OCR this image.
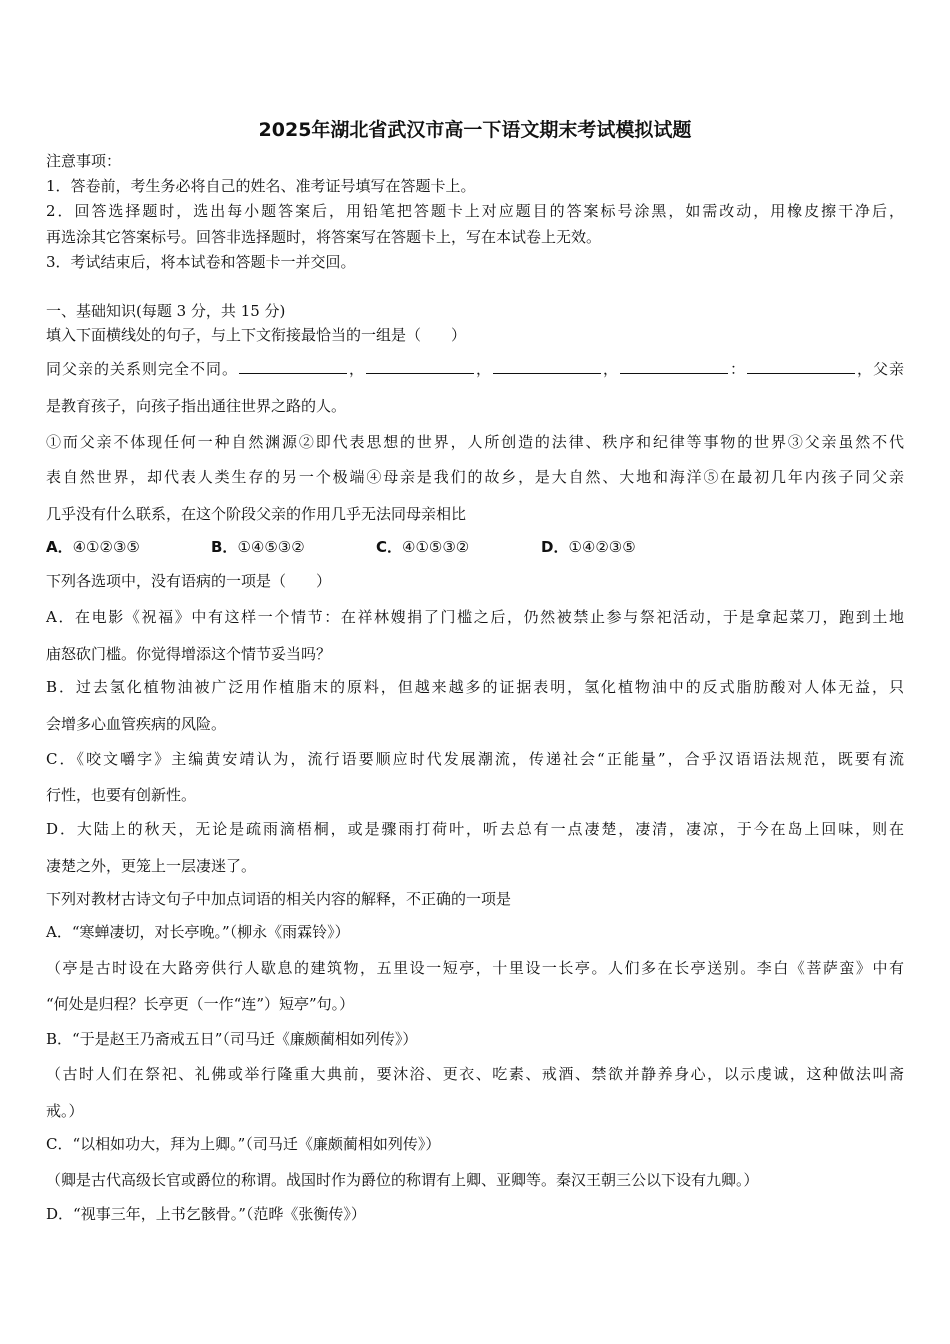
2025年湖北省武汉市高一下语文期末考试模拟试题
注意事项：
1．答卷前，考生务必将自己的姓名、准考证号填写在答题卡上。
2．回答选择题时，选出每小题答案后，用铅笔把答题卡上对应题目的答案标号涂黑，如需改动，用橡皮擦干净后，
再选涂其它答案标号。回答非选择题时，将答案写在答题卡上，写在本试卷上无效。
3．考试结束后，将本试卷和答题卡一并交回。
一、基础知识(每题 3 分，共 15 分)
填入下面横线处的句子，与上下文衔接最恰当的一组是（　　）
同父亲的关系则完全不同。	，	，	，	：	，父亲
是教育孩子，向孩子指出通往世界之路的人。
①而父亲不体现任何一种自然渊源②即代表思想的世界，人所创造的法律、秩序和纪律等事物的世界③父亲虽然不代
表自然世界，却代表人类生存的另一个极端④母亲是我们的故乡，是大自然、大地和海洋⑤在最初几年内孩子同父亲
几乎没有什么联系，在这个阶段父亲的作用几乎无法同母亲相比
A．④①②③⑤	B．①④⑤③②	C．④①⑤③②	D．①④②③⑤
下列各选项中，没有语病的一项是（　　）
A．在电影《祝福》中有这样一个情节：在祥林嫂捐了门槛之后，仍然被禁止参与祭祀活动，于是拿起菜刀，跑到土地
庙怒砍门槛。你觉得增添这个情节妥当吗？
B．过去氢化植物油被广泛用作植脂末的原料，但越来越多的证据表明，氢化植物油中的反式脂肪酸对人体无益，只
会增多心血管疾病的风险。
C．《咬文嚼字》主编黄安靖认为，流行语要顺应时代发展潮流，传递社会“正能量”，合乎汉语语法规范，既要有流
行性，也要有创新性。
D．大陆上的秋天，无论是疏雨滴梧桐，或是骤雨打荷叶，听去总有一点凄楚，凄清，凄凉，于今在岛上回味，则在
凄楚之外，更笼上一层凄迷了。
下列对教材古诗文句子中加点词语的相关内容的解释，不正确的一项是
A．“寒蝉凄切，对长亭晚。”（柳永《雨霖铃》）
（亭是古时设在大路旁供行人歇息的建筑物，五里设一短亭，十里设一长亭。人们多在长亭送别。李白《菩萨蛮》中有
“何处是归程？长亭更（一作“连”）短亭”句。）
B．“于是赵王乃斋戒五日”（司马迁《廉颇蔺相如列传》）
（古时人们在祭祀、礼佛或举行隆重大典前，要沐浴、更衣、吃素、戒酒、禁欲并静养身心，以示虔诚，这种做法叫斋
戒。）
C．“以相如功大，拜为上卿。”（司马迁《廉颇蔺相如列传》）
（卿是古代高级长官或爵位的称谓。战国时作为爵位的称谓有上卿、亚卿等。秦汉王朝三公以下设有九卿。）
D．“视事三年，上书乞骸骨。”（范晔《张衡传》）
